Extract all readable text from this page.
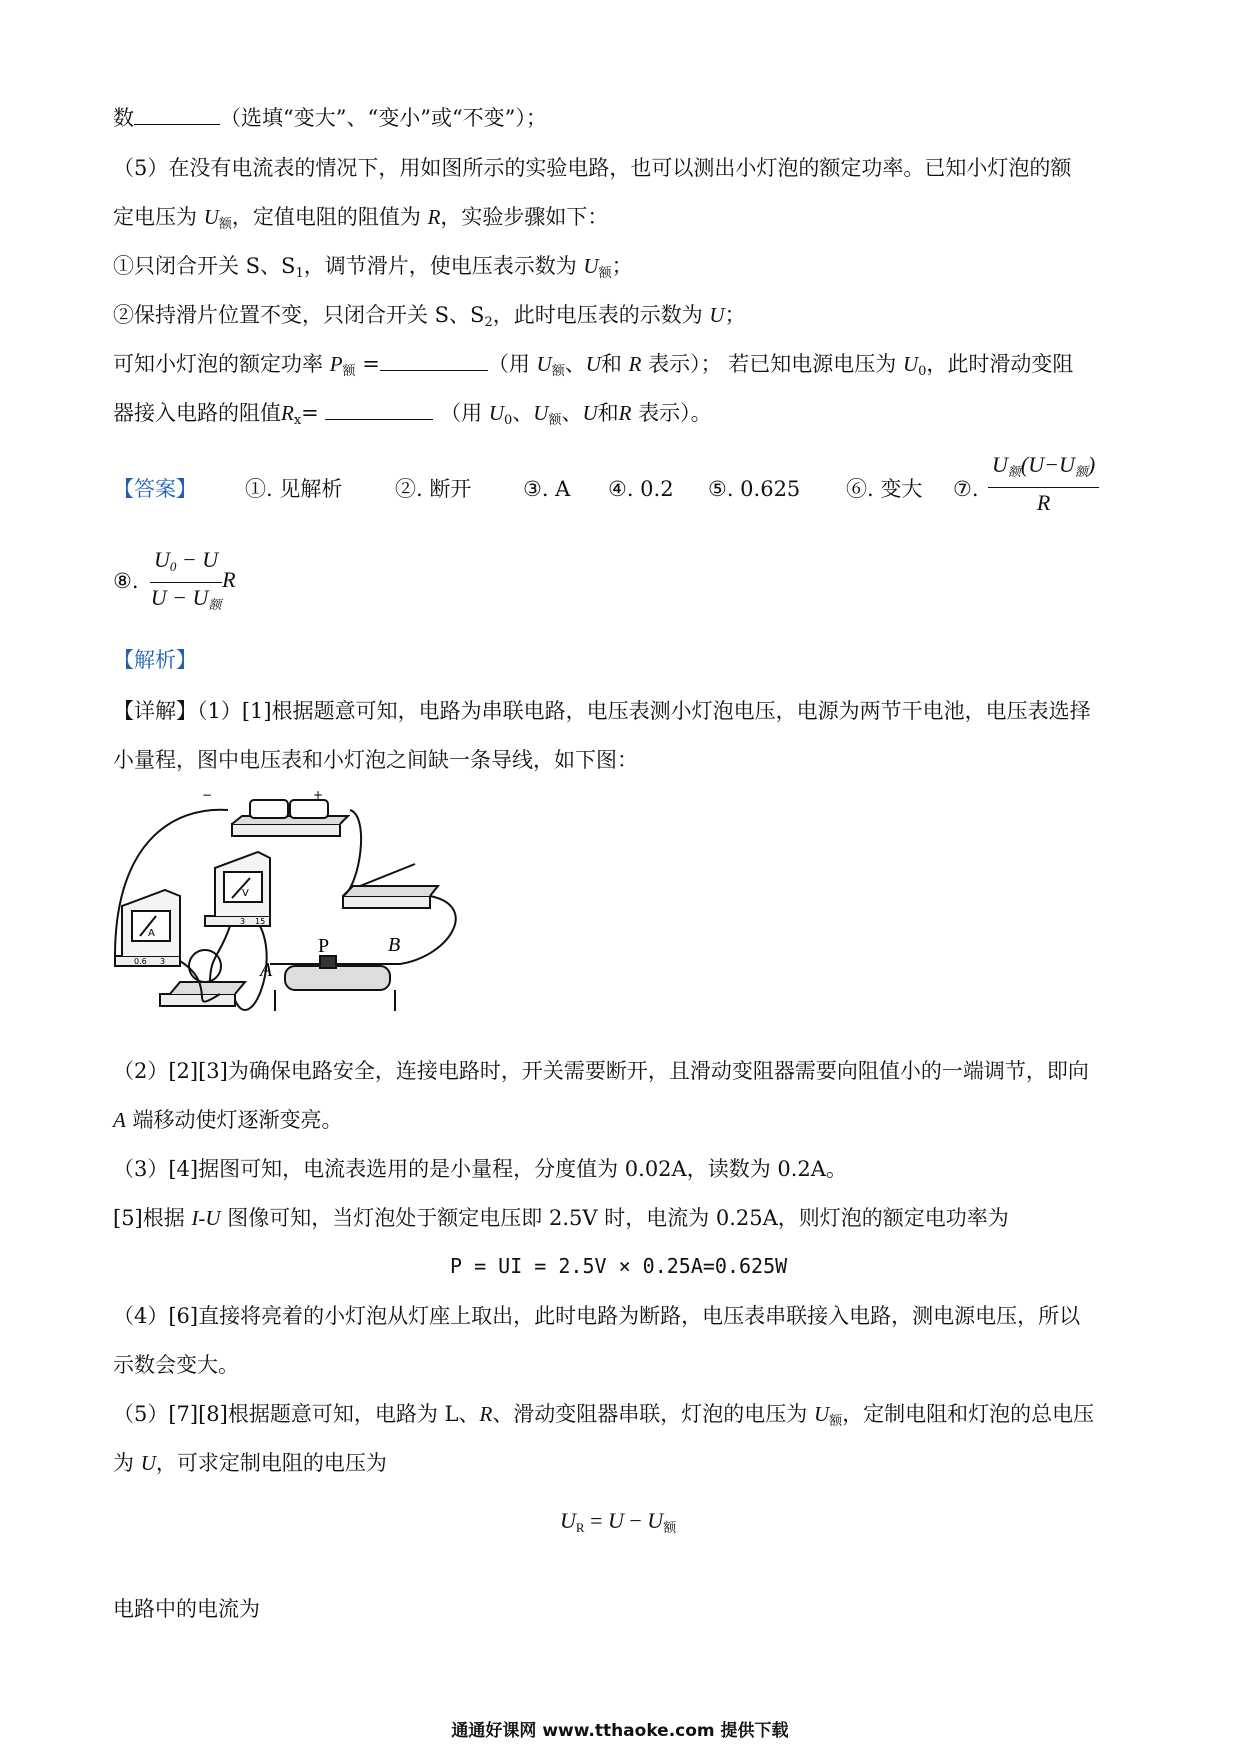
数	（选填“变大”、“变小”或“不变”）；
（5）在没有电流表的情况下，用如图所示的实验电路，也可以测出小灯泡的额定功率。已知小灯泡的额
定电压为 $U_额$，定值电阻的阻值为 R，实验步骤如下：
①只闭合开关 S、$S_1$，调节滑片，使电压表示数为 $U_额$；
②保持滑片位置不变，只闭合开关 S、$S_2$，此时电压表的示数为 U；
可知小灯泡的额定功率 $P_额$ =	（用 $U_额$、U和 R 表示）； 若已知电源电压为 $U_0$，此时滑动变阻
器接入电路的阻值$R_x=$	（用 $U_0$、$U_额$、U和R 表示）。
【答案】 ①. 见解析	②. 断开 ③. A ④. 0.2 ⑤. 0.625 ⑥. 变大 ⑦. $\frac{U_额(U-U_额)}{R}$
⑧. $\frac{U_0 - U}{U - U_额}$ R
【解析】
【详解】（1）[1]根据题意可知，电路为串联电路，电压表测小灯泡电压，电源为两节干电池，电压表选择
小量程，图中电压表和小灯泡之间缺一条导线，如下图：
A
P	B
V
A
−	+
0.6 3
3 15
（2）[2][3]为确保电路安全，连接电路时，开关需要断开，且滑动变阻器需要向阻值小的一端调节，即向
A 端移动使灯逐渐变亮。
（3）[4]据图可知，电流表选用的是小量程，分度值为 0.02A，读数为 0.2A。
[5]根据 I-U 图像可知，当灯泡处于额定电压即 2.5V 时，电流为 0.25A，则灯泡的额定电功率为
P = UI = 2.5V × 0.25A=0.625W
（4）[6]直接将亮着的小灯泡从灯座上取出，此时电路为断路，电压表串联接入电路，测电源电压，所以
示数会变大。
（5）[7][8]根据题意可知，电路为 L、R、滑动变阻器串联，灯泡的电压为 $U_额$，定制电阻和灯泡的总电压
为 U，可求定制电阻的电压为
$U_R = U - U_额$
电路中的电流为
通通好课网 www.tthaoke.com 提供下载
